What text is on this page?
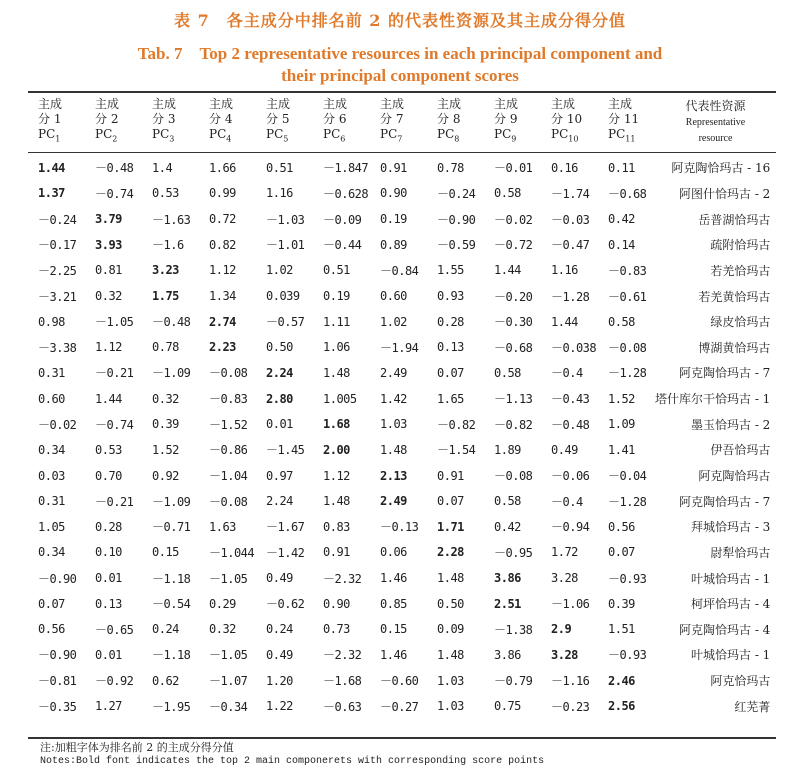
表 7　各主成分中排名前 2 的代表性资源及其主成分得分值
Tab. 7　Top 2 representative resources in each principal component and
their principal component scores
主成
分 1
$PC_1$	主成
分 2
$PC_2$	主成
分 3
$PC_3$	主成
分 4
$PC_4$	主成
分 5
$PC_5$	主成
分 6
$PC_6$	主成
分 7
$PC_7$	主成
分 8
$PC_8$	主成
分 9
$PC_9$	主成
分 10
$PC_{10}$	主成
分 11
$PC_{11}$	代表性资源
Representative
resource
1.44	－0.48	1.4	1.66	0.51	－1.847	0.91	0.78	－0.01	0.16	0.11	阿克陶恰玛古 - 16
1.37	－0.74	0.53	0.99	1.16	－0.628	0.90	－0.24	0.58	－1.74	－0.68	阿图什恰玛古 - 2
－0.24	3.79	－1.63	0.72	－1.03	－0.09	0.19	－0.90	－0.02	－0.03	0.42	岳普湖恰玛古
－0.17	3.93	－1.6	0.82	－1.01	－0.44	0.89	－0.59	－0.72	－0.47	0.14	疏附恰玛古
－2.25	0.81	3.23	1.12	1.02	0.51	－0.84	1.55	1.44	1.16	－0.83	若羌恰玛古
－3.21	0.32	1.75	1.34	0.039	0.19	0.60	0.93	－0.20	－1.28	－0.61	若羌黄恰玛古
0.98	－1.05	－0.48	2.74	－0.57	1.11	1.02	0.28	－0.30	1.44	0.58	绿皮恰玛古
－3.38	1.12	0.78	2.23	0.50	1.06	－1.94	0.13	－0.68	－0.038	－0.08	博湖黄恰玛古
0.31	－0.21	－1.09	－0.08	2.24	1.48	2.49	0.07	0.58	－0.4	－1.28	阿克陶恰玛古 - 7
0.60	1.44	0.32	－0.83	2.80	1.005	1.42	1.65	－1.13	－0.43	1.52	塔什库尔干恰玛古 - 1
－0.02	－0.74	0.39	－1.52	0.01	1.68	1.03	－0.82	－0.82	－0.48	1.09	墨玉恰玛古 - 2
0.34	0.53	1.52	－0.86	－1.45	2.00	1.48	－1.54	1.89	0.49	1.41	伊吾恰玛古
0.03	0.70	0.92	－1.04	0.97	1.12	2.13	0.91	－0.08	－0.06	－0.04	阿克陶恰玛古
0.31	－0.21	－1.09	－0.08	2.24	1.48	2.49	0.07	0.58	－0.4	－1.28	阿克陶恰玛古 - 7
1.05	0.28	－0.71	1.63	－1.67	0.83	－0.13	1.71	0.42	－0.94	0.56	拜城恰玛古 - 3
0.34	0.10	0.15	－1.044	－1.42	0.91	0.06	2.28	－0.95	1.72	0.07	尉犁恰玛古
－0.90	0.01	－1.18	－1.05	0.49	－2.32	1.46	1.48	3.86	3.28	－0.93	叶城恰玛古 - 1
0.07	0.13	－0.54	0.29	－0.62	0.90	0.85	0.50	2.51	－1.06	0.39	柯坪恰玛古 - 4
0.56	－0.65	0.24	0.32	0.24	0.73	0.15	0.09	－1.38	2.9	1.51	阿克陶恰玛古 - 4
－0.90	0.01	－1.18	－1.05	0.49	－2.32	1.46	1.48	3.86	3.28	－0.93	叶城恰玛古 - 1
－0.81	－0.92	0.62	－1.07	1.20	－1.68	－0.60	1.03	－0.79	－1.16	2.46	阿克恰玛古
－0.35	1.27	－1.95	－0.34	1.22	－0.63	－0.27	1.03	0.75	－0.23	2.56	红芜菁
注:加粗字体为排名前 2 的主成分得分值
Notes:Bold font indicates the top 2 main componerets with corresponding score points
